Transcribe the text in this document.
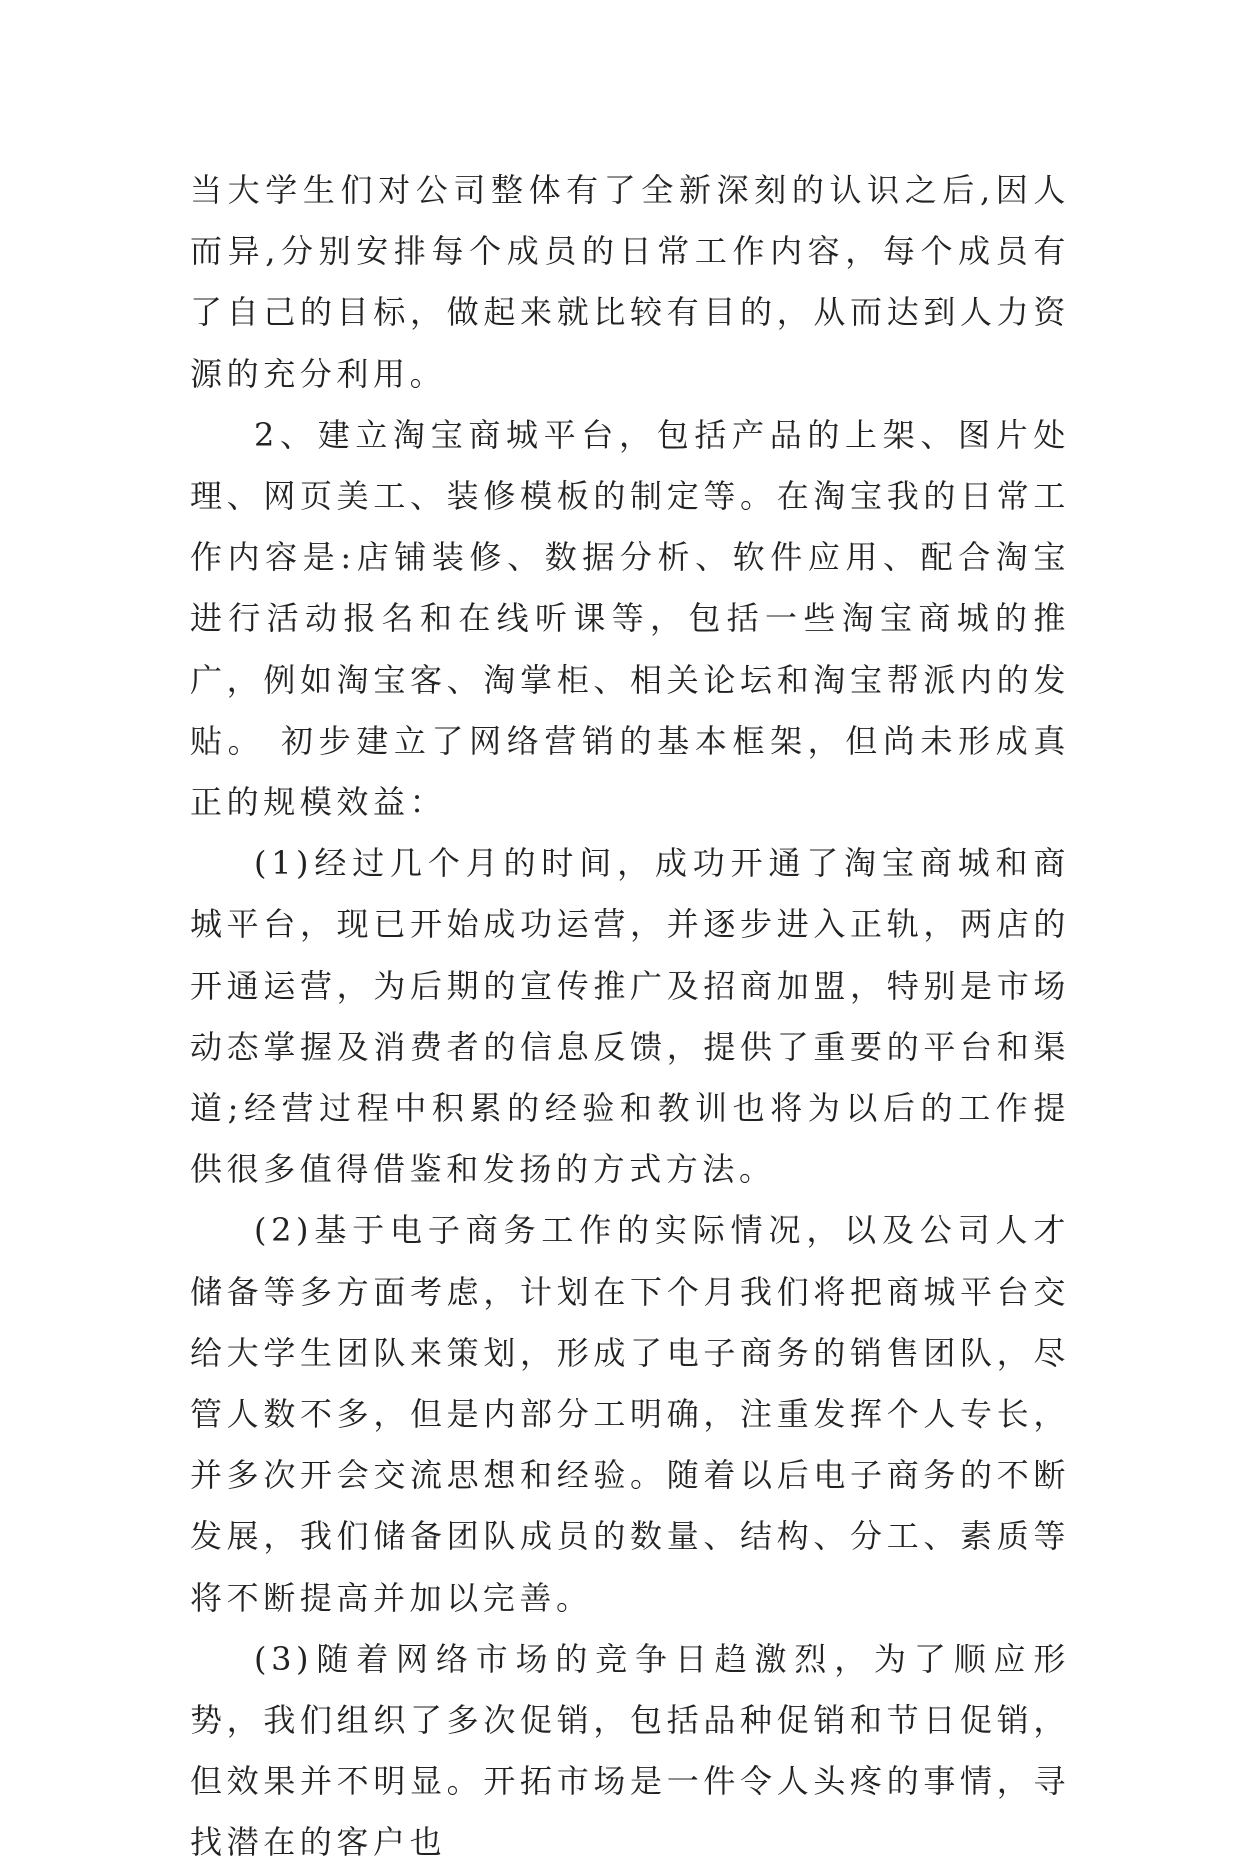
当大学生们对公司整体有了全新深刻的认识之后,因人而异,分别安排每个成员的日常工作内容，每个成员有了自己的目标，做起来就比较有目的，从而达到人力资源的充分利用。

2、建立淘宝商城平台，包括产品的上架、图片处理、网页美工、装修模板的制定等。在淘宝我的日常工作内容是:店铺装修、数据分析、软件应用、配合淘宝进行活动报名和在线听课等，包括一些淘宝商城的推广，例如淘宝客、淘掌柜、相关论坛和淘宝帮派内的发贴。 初步建立了网络营销的基本框架，但尚未形成真正的规模效益：

(1)经过几个月的时间，成功开通了淘宝商城和商城平台，现已开始成功运营，并逐步进入正轨，两店的开通运营，为后期的宣传推广及招商加盟，特别是市场动态掌握及消费者的信息反馈，提供了重要的平台和渠道;经营过程中积累的经验和教训也将为以后的工作提供很多值得借鉴和发扬的方式方法。

(2)基于电子商务工作的实际情况，以及公司人才储备等多方面考虑，计划在下个月我们将把商城平台交给大学生团队来策划，形成了电子商务的销售团队，尽管人数不多，但是内部分工明确，注重发挥个人专长，并多次开会交流思想和经验。随着以后电子商务的不断发展，我们储备团队成员的数量、结构、分工、素质等将不断提高并加以完善。

(3)随着网络市场的竞争日趋激烈，为了顺应形势，我们组织了多次促销，包括品种促销和节日促销，但效果并不明显。开拓市场是一件令人头疼的事情，寻找潜在的客户也
